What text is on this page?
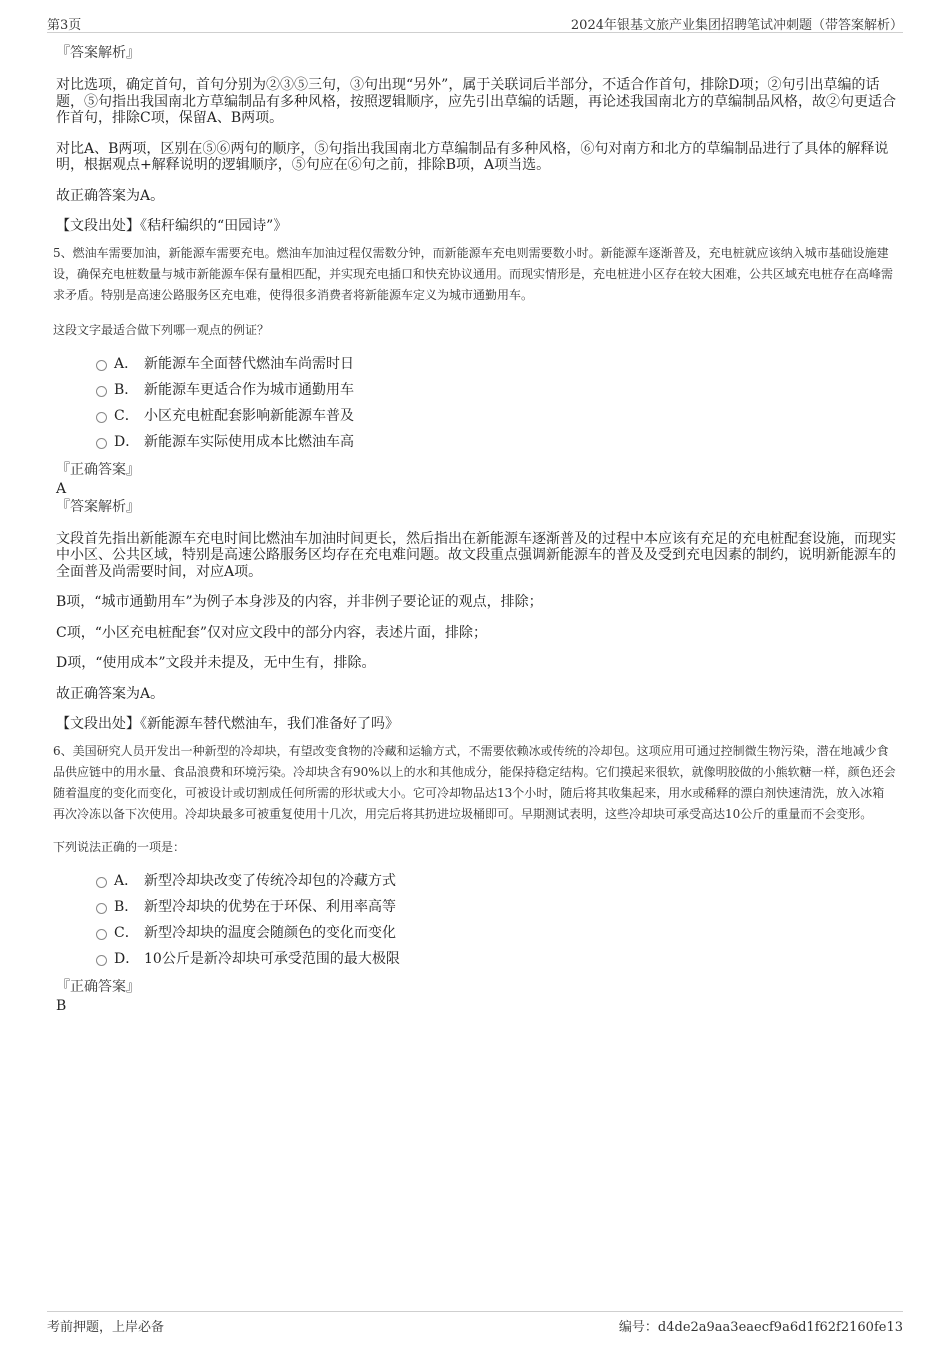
第3页	2024年银基文旅产业集团招聘笔试冲刺题（带答案解析）

『答案解析』

对比选项，确定首句，首句分别为②③⑤三句，③句出现“另外”，属于关联词后半部分，不适合作首句，排除D项；②句引出草编的话题，⑤句指出我国南北方草编制品有多种风格，按照逻辑顺序，应先引出草编的话题，再论述我国南北方的草编制品风格，故②句更适合作首句，排除C项，保留A、B两项。

对比A、B两项，区别在⑤⑥两句的顺序，⑤句指出我国南北方草编制品有多种风格，⑥句对南方和北方的草编制品进行了具体的解释说明，根据观点+解释说明的逻辑顺序，⑤句应在⑥句之前，排除B项，A项当选。

故正确答案为A。

【文段出处】《秸秆编织的“田园诗”》

5、燃油车需要加油，新能源车需要充电。燃油车加油过程仅需数分钟，而新能源车充电则需要数小时。新能源车逐渐普及，充电桩就应该纳入城市基础设施建设，确保充电桩数量与城市新能源车保有量相匹配，并实现充电插口和快充协议通用。而现实情形是，充电桩进小区存在较大困难，公共区域充电桩存在高峰需求矛盾。特别是高速公路服务区充电难，使得很多消费者将新能源车定义为城市通勤用车。

这段文字最适合做下列哪一观点的例证？

A． 新能源车全面替代燃油车尚需时日
B． 新能源车更适合作为城市通勤用车
C． 小区充电桩配套影响新能源车普及
D． 新能源车实际使用成本比燃油车高

『正确答案』

A

『答案解析』

文段首先指出新能源车充电时间比燃油车加油时间更长，然后指出在新能源车逐渐普及的过程中本应该有充足的充电桩配套设施，而现实中小区、公共区域，特别是高速公路服务区均存在充电难问题。故文段重点强调新能源车的普及及受到充电因素的制约，说明新能源车的全面普及尚需要时间，对应A项。

B项，“城市通勤用车”为例子本身涉及的内容，并非例子要论证的观点，排除；

C项，“小区充电桩配套”仅对应文段中的部分内容，表述片面，排除；

D项，“使用成本”文段并未提及，无中生有，排除。

故正确答案为A。

【文段出处】《新能源车替代燃油车，我们准备好了吗》

6、美国研究人员开发出一种新型的冷却块，有望改变食物的冷藏和运输方式，不需要依赖冰或传统的冷却包。这项应用可通过控制微生物污染，潜在地减少食品供应链中的用水量、食品浪费和环境污染。冷却块含有90%以上的水和其他成分，能保持稳定结构。它们摸起来很软，就像明胶做的小熊软糖一样，颜色还会随着温度的变化而变化，可被设计或切割成任何所需的形状或大小。它可冷却物品达13个小时，随后将其收集起来，用水或稀释的漂白剂快速清洗，放入冰箱再次冷冻以备下次使用。冷却块最多可被重复使用十几次，用完后将其扔进垃圾桶即可。早期测试表明，这些冷却块可承受高达10公斤的重量而不会变形。

下列说法正确的一项是：

A． 新型冷却块改变了传统冷却包的冷藏方式
B． 新型冷却块的优势在于环保、利用率高等
C． 新型冷却块的温度会随颜色的变化而变化
D． 10公斤是新冷却块可承受范围的最大极限

『正确答案』

B

考前押题，上岸必备	编号：d4de2a9aa3eaecf9a6d1f62f2160fe13
